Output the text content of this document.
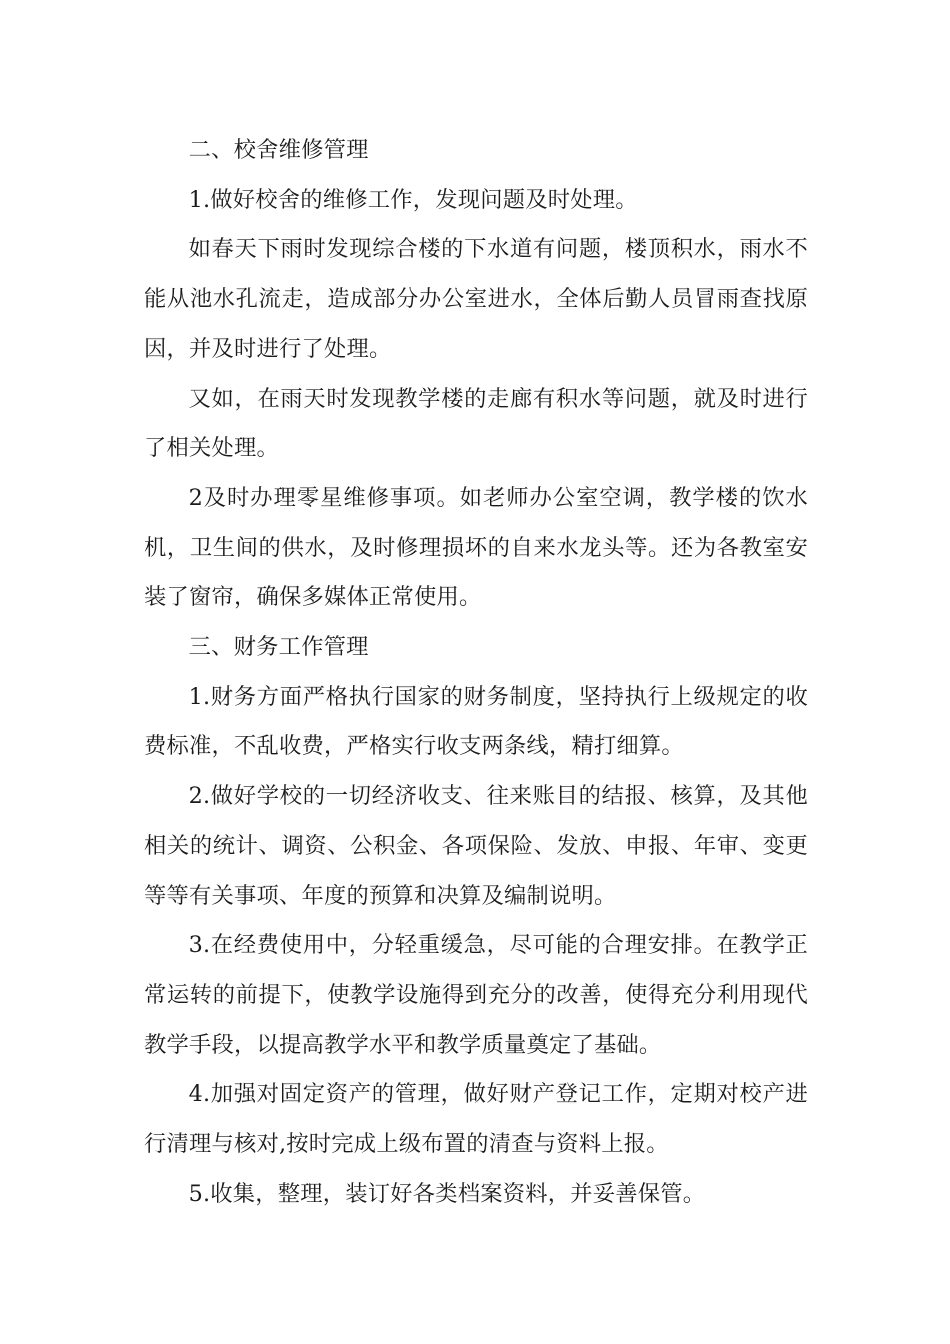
二、校舍维修管理

1.做好校舍的维修工作，发现问题及时处理。

如春天下雨时发现综合楼的下水道有问题，楼顶积水，雨水不能从池水孔流走，造成部分办公室进水，全体后勤人员冒雨查找原因，并及时进行了处理。

又如，在雨天时发现教学楼的走廊有积水等问题，就及时进行了相关处理。

2及时办理零星维修事项。如老师办公室空调，教学楼的饮水机，卫生间的供水，及时修理损坏的自来水龙头等。还为各教室安装了窗帘，确保多媒体正常使用。

三、财务工作管理

1.财务方面严格执行国家的财务制度，坚持执行上级规定的收费标准，不乱收费，严格实行收支两条线，精打细算。

2.做好学校的一切经济收支、往来账目的结报、核算，及其他相关的统计、调资、公积金、各项保险、发放、申报、年审、变更等等有关事项、年度的预算和决算及编制说明。

3.在经费使用中，分轻重缓急，尽可能的合理安排。在教学正常运转的前提下，使教学设施得到充分的改善，使得充分利用现代教学手段，以提高教学水平和教学质量奠定了基础。

4.加强对固定资产的管理，做好财产登记工作，定期对校产进行清理与核对,按时完成上级布置的清查与资料上报。

5.收集，整理，装订好各类档案资料，并妥善保管。
